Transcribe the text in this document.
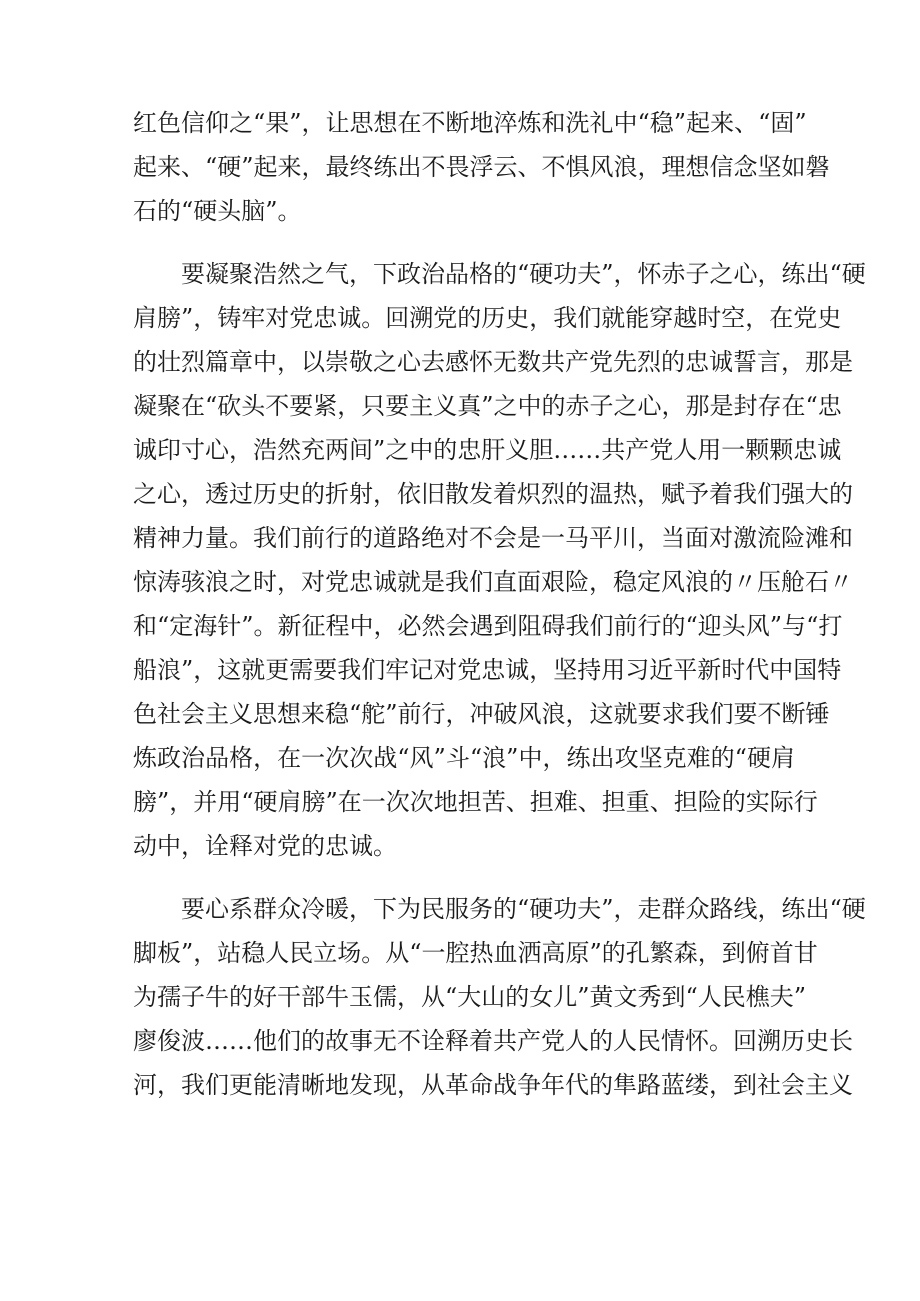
红色信仰之“果”，让思想在不断地淬炼和洗礼中“稳”起来、“固”
起来、“硬”起来，最终练出不畏浮云、不惧风浪，理想信念坚如磐
石的“硬头脑”。
要凝聚浩然之气，下政治品格的“硬功夫”，怀赤子之心，练出“硬
肩膀”，铸牢对党忠诚。回溯党的历史，我们就能穿越时空，在党史
的壮烈篇章中，以崇敬之心去感怀无数共产党先烈的忠诚誓言，那是
凝聚在“砍头不要紧，只要主义真”之中的赤子之心，那是封存在“忠
诚印寸心，浩然充两间”之中的忠肝义胆……共产党人用一颗颗忠诚
之心，透过历史的折射，依旧散发着炽烈的温热，赋予着我们强大的
精神力量。我们前行的道路绝对不会是一马平川，当面对激流险滩和
惊涛骇浪之时，对党忠诚就是我们直面艰险，稳定风浪的〃压舱石〃
和“定海针”。新征程中，必然会遇到阻碍我们前行的“迎头风”与“打
船浪”，这就更需要我们牢记对党忠诚，坚持用习近平新时代中国特
色社会主义思想来稳“舵”前行，冲破风浪，这就要求我们要不断锤
炼政治品格，在一次次战“风”斗“浪”中，练出攻坚克难的“硬肩
膀”，并用“硬肩膀”在一次次地担苦、担难、担重、担险的实际行
动中，诠释对党的忠诚。
要心系群众冷暖，下为民服务的“硬功夫”，走群众路线，练出“硬
脚板”，站稳人民立场。从“一腔热血洒高原”的孔繁森，到俯首甘
为孺子牛的好干部牛玉儒，从“大山的女儿”黄文秀到“人民樵夫”
廖俊波……他们的故事无不诠释着共产党人的人民情怀。回溯历史长
河，我们更能清晰地发现，从革命战争年代的隼路蓝缕，到社会主义
